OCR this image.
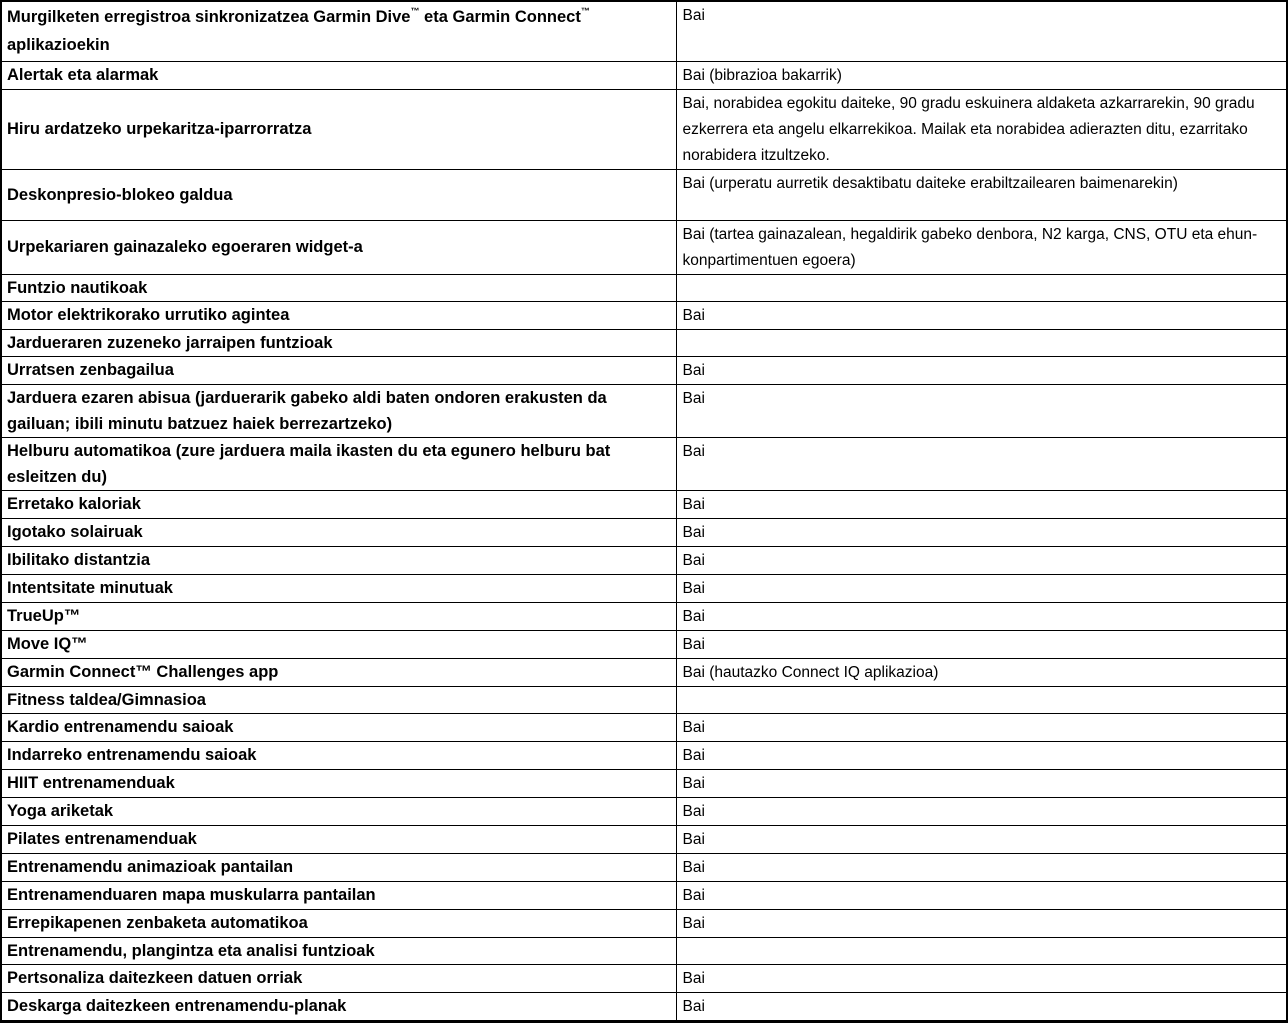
Murgilketen erregistroa sinkronizatzea Garmin Dive™ eta Garmin Connect™ aplikazioekin	Bai
Alertak eta alarmak	Bai (bibrazioa bakarrik)
Hiru ardatzeko urpekaritza-iparrorratza	Bai, norabidea egokitu daiteke, 90 gradu eskuinera aldaketa azkarrarekin, 90 gradu ezkerrera eta angelu elkarrekikoa. Mailak eta norabidea adierazten ditu, ezarritako norabidera itzultzeko.
Deskonpresio-blokeo galdua	Bai (urperatu aurretik desaktibatu daiteke erabiltzailearen baimenarekin)
Urpekariaren gainazaleko egoeraren widget-a	Bai (tartea gainazalean, hegaldirik gabeko denbora, N2 karga, CNS, OTU eta ehun-konpartimentuen egoera)
Funtzio nautikoak	
Motor elektrikorako urrutiko agintea	Bai
Jardueraren zuzeneko jarraipen funtzioak	
Urratsen zenbagailua	Bai
Jarduera ezaren abisua (jarduerarik gabeko aldi baten ondoren erakusten da gailuan; ibili minutu batzuez haiek berrezartzeko)	Bai
Helburu automatikoa (zure jarduera maila ikasten du eta egunero helburu bat esleitzen du)	Bai
Erretako kaloriak	Bai
Igotako solairuak	Bai
Ibilitako distantzia	Bai
Intentsitate minutuak	Bai
TrueUp™	Bai
Move IQ™	Bai
Garmin Connect™ Challenges app	Bai (hautazko Connect IQ aplikazioa)
Fitness taldea/Gimnasioa	
Kardio entrenamendu saioak	Bai
Indarreko entrenamendu saioak	Bai
HIIT entrenamenduak	Bai
Yoga ariketak	Bai
Pilates entrenamenduak	Bai
Entrenamendu animazioak pantailan	Bai
Entrenamenduaren mapa muskularra pantailan	Bai
Errepikapenen zenbaketa automatikoa	Bai
Entrenamendu, plangintza eta analisi funtzioak	
Pertsonaliza daitezkeen datuen orriak	Bai
Deskarga daitezkeen entrenamendu-planak	Bai
